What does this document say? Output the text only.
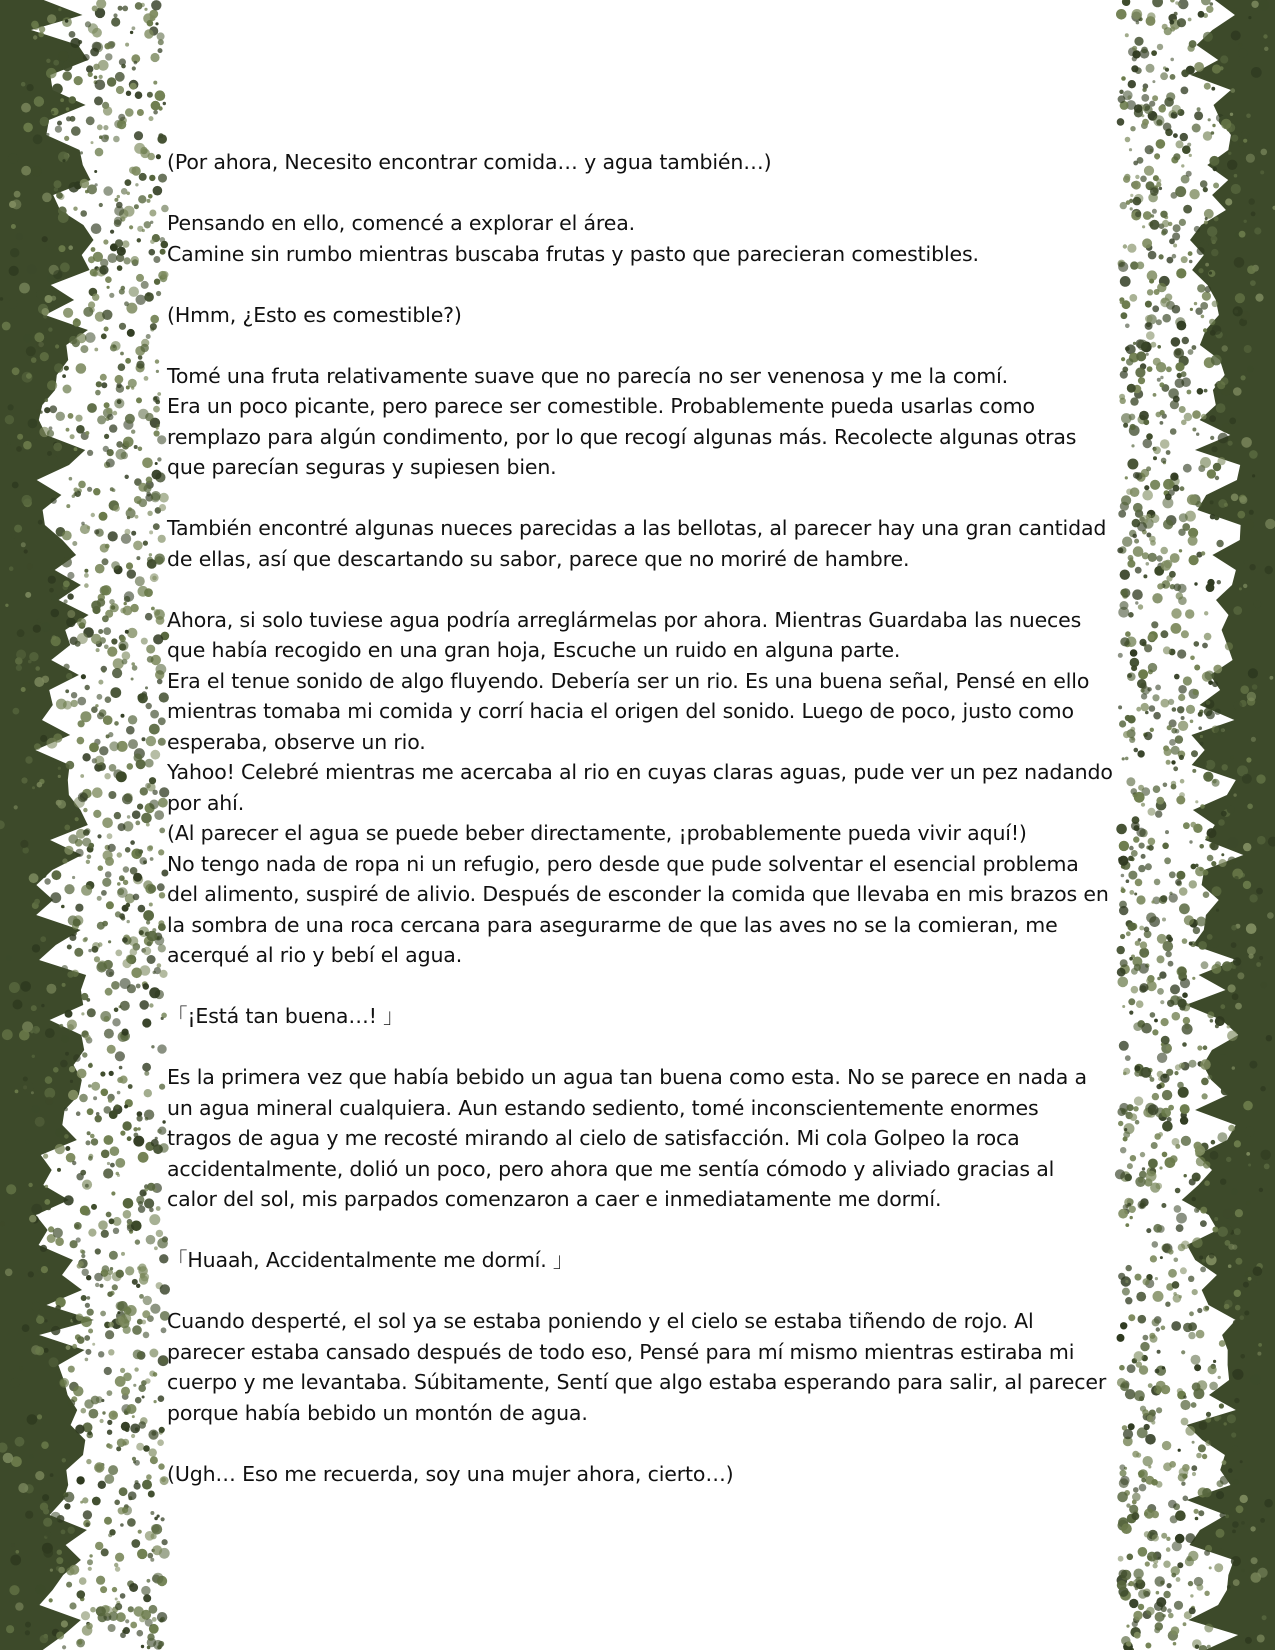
(Por ahora, Necesito encontrar comida… y agua también…)
Pensando en ello, comencé a explorar el área.
Camine sin rumbo mientras buscaba frutas y pasto que parecieran comestibles.
(Hmm, ¿Esto es comestible?)
Tomé una fruta relativamente suave que no parecía no ser venenosa y me la comí.
Era un poco picante, pero parece ser comestible. Probablemente pueda usarlas como
remplazo para algún condimento, por lo que recogí algunas más. Recolecte algunas otras
que parecían seguras y supiesen bien.
También encontré algunas nueces parecidas a las bellotas, al parecer hay una gran cantidad
de ellas, así que descartando su sabor, parece que no moriré de hambre.
Ahora, si solo tuviese agua podría arreglármelas por ahora. Mientras Guardaba las nueces
que había recogido en una gran hoja, Escuche un ruido en alguna parte.
Era el tenue sonido de algo fluyendo. Debería ser un rio. Es una buena señal, Pensé en ello
mientras tomaba mi comida y corrí hacia el origen del sonido. Luego de poco, justo como
esperaba, observe un rio.
Yahoo! Celebré mientras me acercaba al rio en cuyas claras aguas, pude ver un pez nadando
por ahí.
(Al parecer el agua se puede beber directamente, ¡probablemente pueda vivir aquí!)
No tengo nada de ropa ni un refugio, pero desde que pude solventar el esencial problema
del alimento, suspiré de alivio. Después de esconder la comida que llevaba en mis brazos en
la sombra de una roca cercana para asegurarme de que las aves no se la comieran, me
acerqué al rio y bebí el agua.
「¡Está tan buena…! 」
Es la primera vez que había bebido un agua tan buena como esta. No se parece en nada a
un agua mineral cualquiera. Aun estando sediento, tomé inconscientemente enormes
tragos de agua y me recosté mirando al cielo de satisfacción. Mi cola Golpeo la roca
accidentalmente, dolió un poco, pero ahora que me sentía cómodo y aliviado gracias al
calor del sol, mis parpados comenzaron a caer e inmediatamente me dormí.
「Huaah, Accidentalmente me dormí. 」
Cuando desperté, el sol ya se estaba poniendo y el cielo se estaba tiñendo de rojo. Al
parecer estaba cansado después de todo eso, Pensé para mí mismo mientras estiraba mi
cuerpo y me levantaba. Súbitamente, Sentí que algo estaba esperando para salir, al parecer
porque había bebido un montón de agua.
(Ugh… Eso me recuerda, soy una mujer ahora, cierto…)
